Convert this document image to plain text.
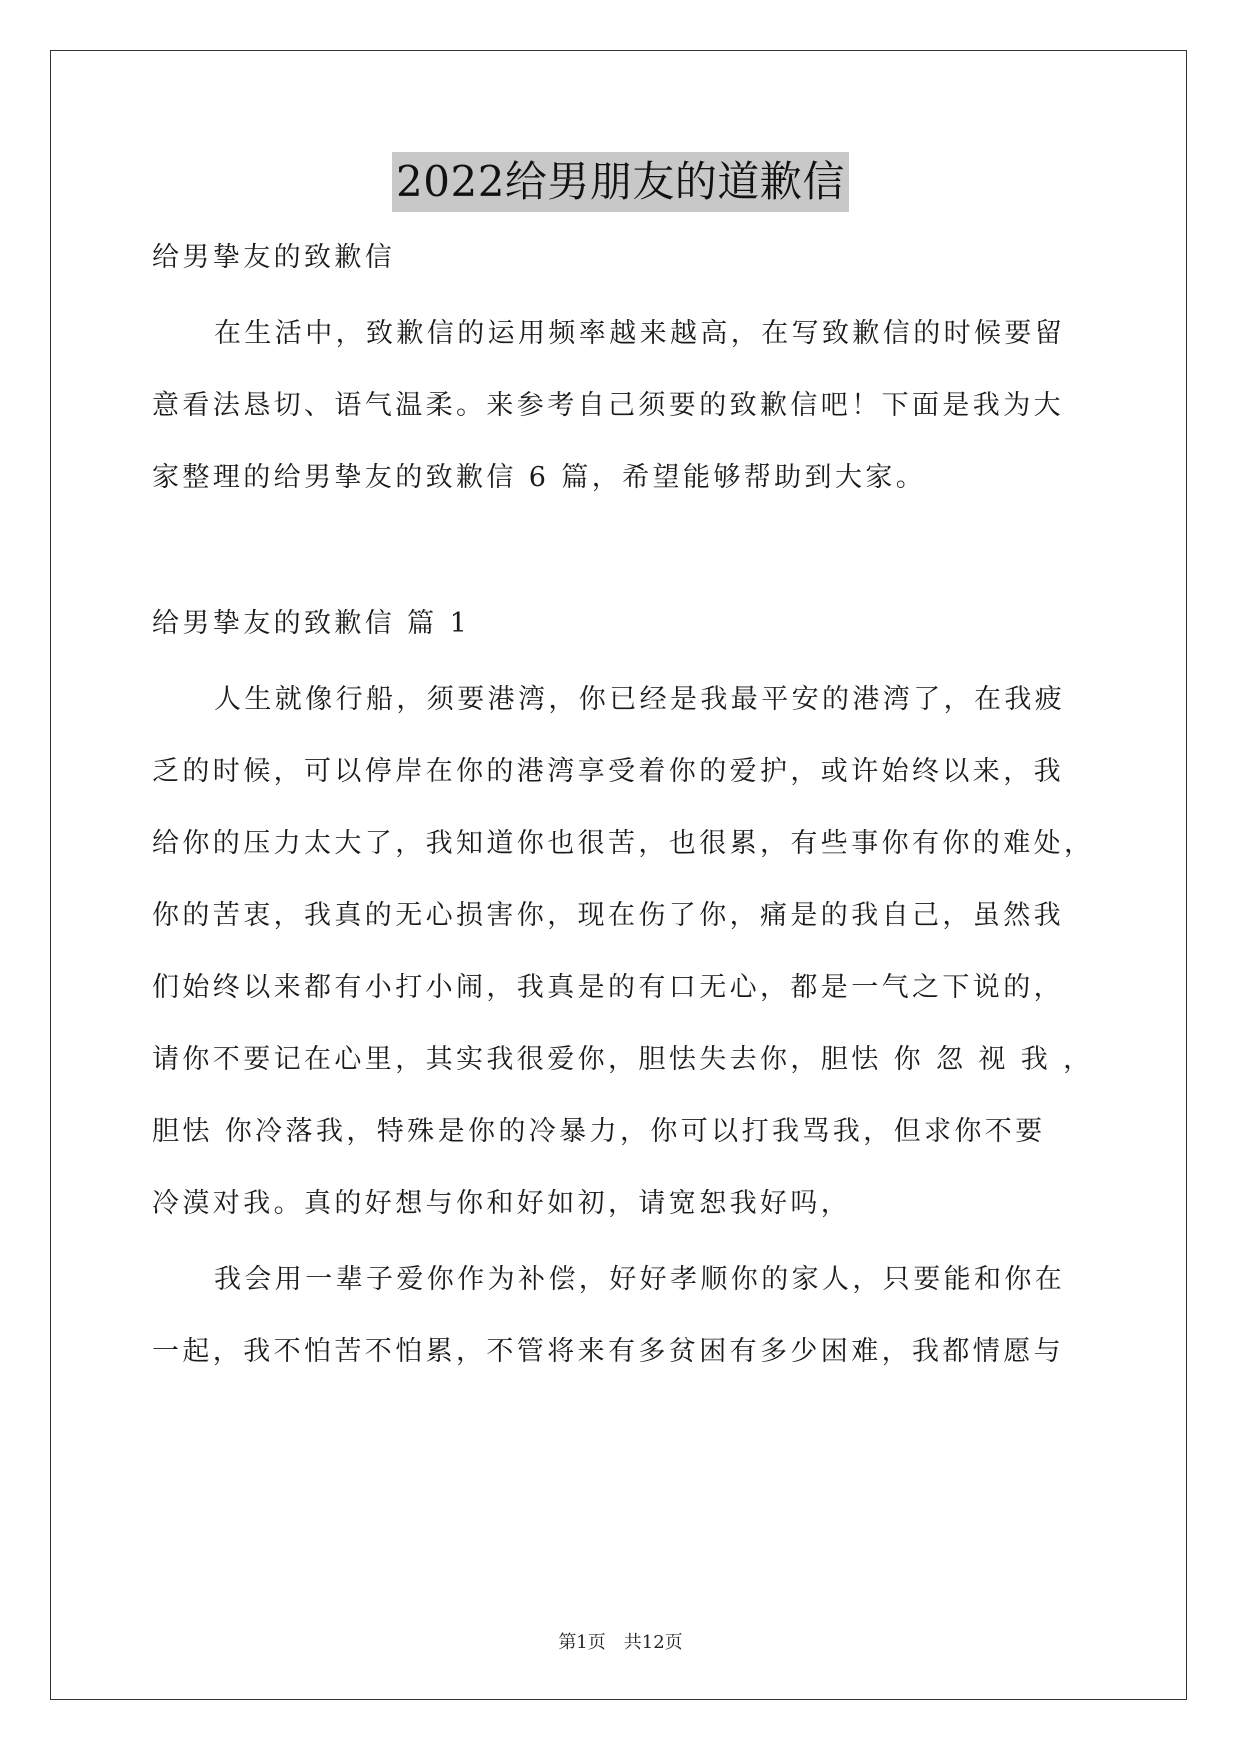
2022给男朋友的道歉信
给男挚友的致歉信
在生活中，致歉信的运用频率越来越高，在写致歉信的时候要留
意看法恳切、语气温柔。来参考自己须要的致歉信吧！下面是我为大
家整理的给男挚友的致歉信 6 篇，希望能够帮助到大家。
给男挚友的致歉信 篇 1
人生就像行船，须要港湾，你已经是我最平安的港湾了，在我疲
乏的时候，可以停岸在你的港湾享受着你的爱护，或许始终以来，我
给你的压力太大了，我知道你也很苦，也很累，有些事你有你的难处，
你的苦衷，我真的无心损害你，现在伤了你，痛是的我自己，虽然我
们始终以来都有小打小闹，我真是的有口无心，都是一气之下说的，
请你不要记在心里，其实我很爱你，胆怯失去你，胆怯 你 忽 视 我 ，
胆怯 你冷落我，特殊是你的冷暴力，你可以打我骂我，但求你不要
冷漠对我。真的好想与你和好如初，请宽恕我好吗，
我会用一辈子爱你作为补偿，好好孝顺你的家人，只要能和你在
一起，我不怕苦不怕累，不管将来有多贫困有多少困难，我都情愿与
第1页 共12页
